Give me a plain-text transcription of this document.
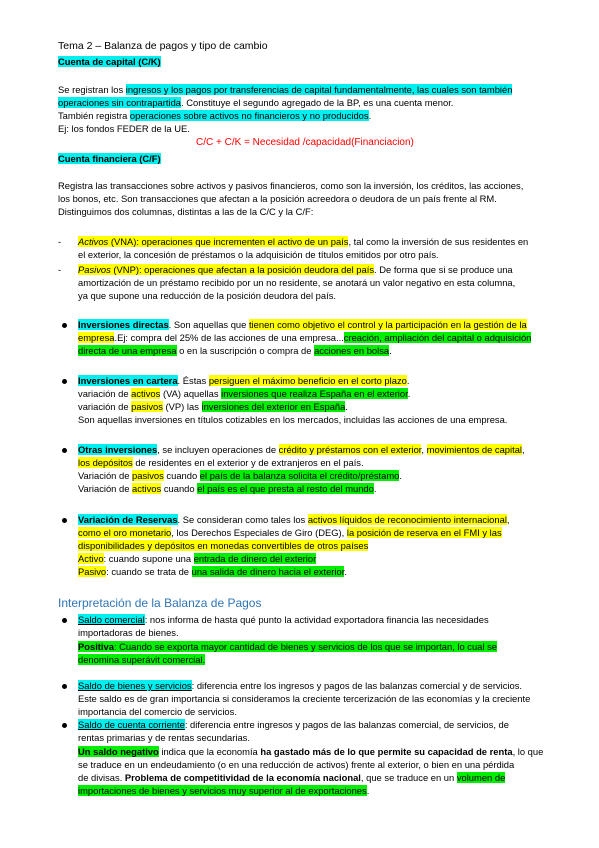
Tema 2 – Balanza de pagos y tipo de cambio
Cuenta de capital (C/K)
Se registran los ingresos y los pagos por transferencias de capital fundamentalmente, las cuales son también
operaciones sin contrapartida. Constituye el segundo agregado de la BP, es una cuenta menor.
También registra operaciones sobre activos no financieros y no producidos.
Ej: los fondos FEDER de la UE.
C/C + C/K = Necesidad /capacidad(Financiacion)
Cuenta financiera (C/F)
Registra las transacciones sobre activos y pasivos financieros, como son la inversión, los créditos, las acciones,
los bonos, etc. Son transacciones que afectan a la posición acreedora o deudora de un país frente al RM.
Distinguimos dos columnas, distintas a las de la C/C y la C/F:
- Activos (VNA): operaciones que incrementen el activo de un país, tal como la inversión de sus residentes en
el exterior, la concesión de préstamos o la adquisición de títulos emitidos por otro país.
- Pasivos (VNP): operaciones que afectan a la posición deudora del país. De forma que si se produce una
amortización de un préstamo recibido por un no residente, se anotará un valor negativo en esta columna,
ya que supone una reducción de la posición deudora del país.
Inversiones directas. Son aquellas que tienen como objetivo el control y la participación en la gestión de la
empresa.Ej: compra del 25% de las acciones de una empresa...creación, ampliación del capital o adquisición
directa de una empresa o en la suscripción o compra de acciones en bolsa.
Inversiones en cartera. Éstas persiguen el máximo beneficio en el corto plazo.
variación de activos (VA) aquellas inversiones que realiza España en el exterior.
variación de pasivos (VP) las inversiones del exterior en España.
Son aquellas inversiones en títulos cotizables en los mercados, incluidas las acciones de una empresa.
Otras inversiones, se incluyen operaciones de crédito y préstamos con el exterior, movimientos de capital,
los depósitos de residentes en el exterior y de extranjeros en el país.
Variación de pasivos cuando el país de la balanza solicita el crédito/préstamo.
Variación de activos cuando el país es el que presta al resto del mundo.
Variación de Reservas. Se consideran como tales los activos líquidos de reconocimiento internacional,
como el oro monetario, los Derechos Especiales de Giro (DEG), la posición de reserva en el FMI y las
disponibilidades y depósitos en monedas convertibles de otros países
Activo: cuando supone una entrada de dinero del exterior
Pasivo: cuando se trata de una salida de dinero hacia el exterior.
Interpretación de la Balanza de Pagos
Saldo comercial: nos informa de hasta qué punto la actividad exportadora financia las necesidades
importadoras de bienes.
Positiva: Cuando se exporta mayor cantidad de bienes y servicios de los que se importan, lo cual se
denomina superávit comercial.
Saldo de bienes y servicios: diferencia entre los ingresos y pagos de las balanzas comercial y de servicios.
Este saldo es de gran importancia si consideramos la creciente tercerización de las economías y la creciente
importancia del comercio de servicios.
Saldo de cuenta corriente: diferencia entre ingresos y pagos de las balanzas comercial, de servicios, de
rentas primarias y de rentas secundarias.
Un saldo negativo indica que la economía ha gastado más de lo que permite su capacidad de renta, lo que
se traduce en un endeudamiento (o en una reducción de activos) frente al exterior, o bien en una pérdida
de divisas. Problema de competitividad de la economía nacional, que se traduce en un volumen de
importaciones de bienes y servicios muy superior al de exportaciones.
